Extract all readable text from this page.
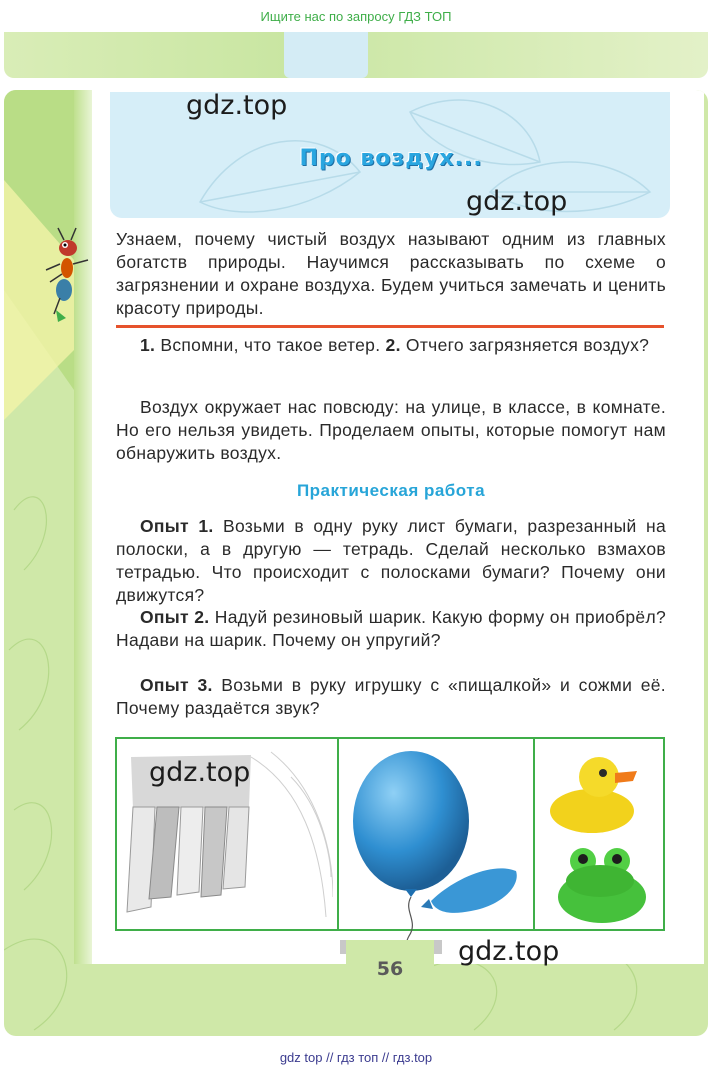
Ищите нас по запросу ГДЗ ТОП
Про воздух...
gdz.top
gdz.top
Узнаем, почему чистый воздух называют одним из главных богатств природы. Научимся рассказывать по схеме о загрязнении и охране воздуха. Будем учиться замечать и ценить красоту природы.
1. Вспомни, что такое ветер. 2. Отчего загрязняется воздух?
Воздух окружает нас повсюду: на улице, в классе, в комнате. Но его нельзя увидеть. Проделаем опыты, которые помогут нам обнаружить воздух.
Практическая работа
Опыт 1. Возьми в одну руку лист бумаги, разрезанный на полоски, а в другую — тетрадь. Сделай несколько взмахов тетрадью. Что происходит с полосками бумаги? Почему они движутся?
Опыт 2. Надуй резиновый шарик. Какую форму он приобрёл? Надави на шарик. Почему он упругий?
Опыт 3. Возьми в руку игрушку с «пищалкой» и сожми её. Почему раздаётся звук?
gdz.top
56
gdz.top
gdz top // гдз топ // гдз.top
